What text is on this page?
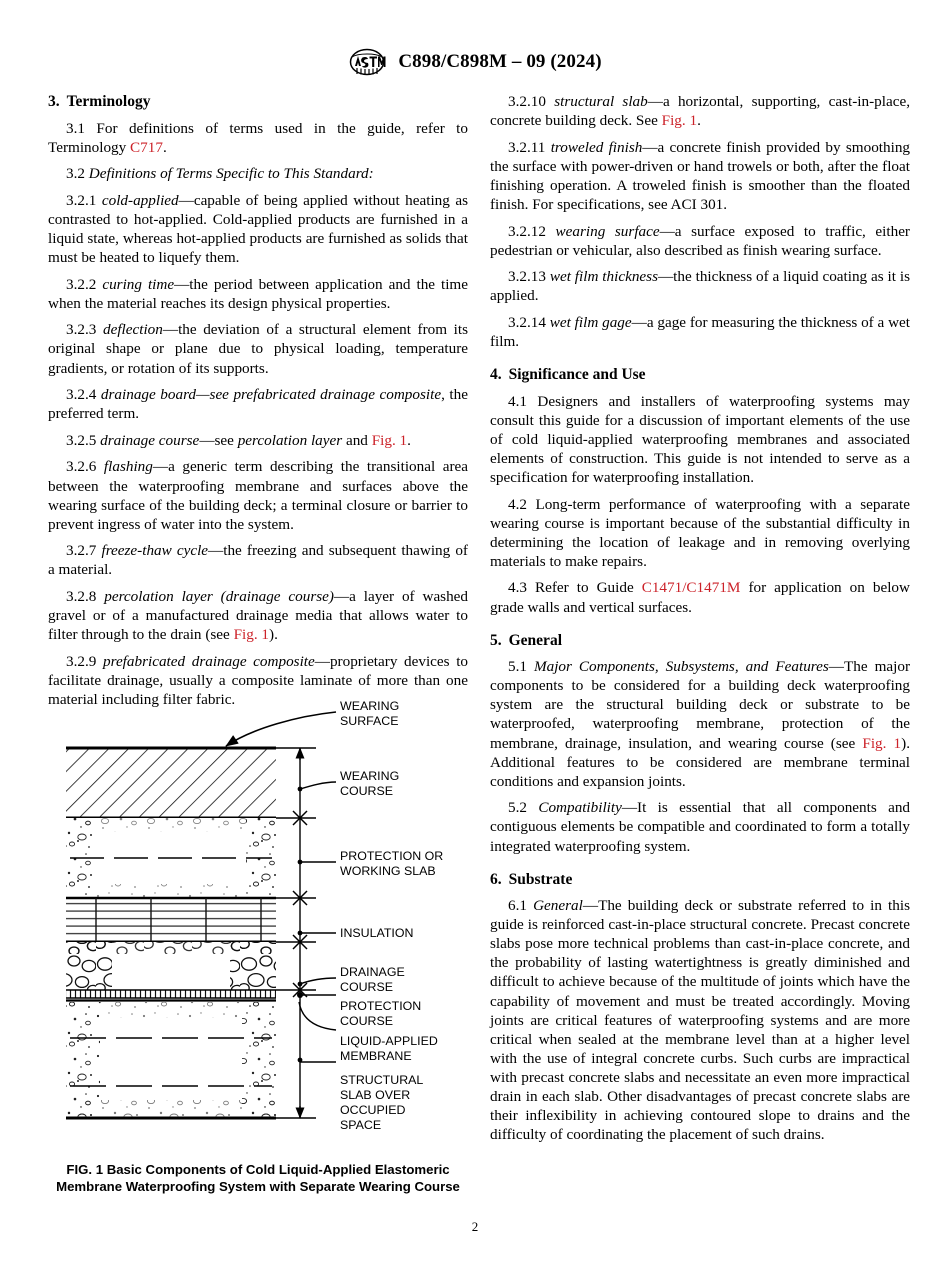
C898/C898M – 09 (2024)
3. Terminology

3.1 For definitions of terms used in the guide, refer to Terminology C717.

3.2 Definitions of Terms Specific to This Standard:

3.2.1 cold-applied—capable of being applied without heating as contrasted to hot-applied. Cold-applied products are furnished in a liquid state, whereas hot-applied products are furnished as solids that must be heated to liquefy them.

3.2.2 curing time—the period between application and the time when the material reaches its design physical properties.

3.2.3 deflection—the deviation of a structural element from its original shape or plane due to physical loading, temperature gradients, or rotation of its supports.

3.2.4 drainage board—see prefabricated drainage composite, the preferred term.

3.2.5 drainage course—see percolation layer and Fig. 1.

3.2.6 flashing—a generic term describing the transitional area between the waterproofing membrane and surfaces above the wearing surface of the building deck; a terminal closure or barrier to prevent ingress of water into the system.

3.2.7 freeze-thaw cycle—the freezing and subsequent thawing of a material.

3.2.8 percolation layer (drainage course)—a layer of washed gravel or of a manufactured drainage media that allows water to filter through to the drain (see Fig. 1).

3.2.9 prefabricated drainage composite—proprietary devices to facilitate drainage, usually a composite laminate of more than one material including filter fabric.

3.2.10 structural slab—a horizontal, supporting, cast-in-place, concrete building deck. See Fig. 1.

3.2.11 troweled finish—a concrete finish provided by smoothing the surface with power-driven or hand trowels or both, after the float finishing operation. A troweled finish is smoother than the floated finish. For specifications, see ACI 301.

3.2.12 wearing surface—a surface exposed to traffic, either pedestrian or vehicular, also described as finish wearing surface.

3.2.13 wet film thickness—the thickness of a liquid coating as it is applied.

3.2.14 wet film gage—a gage for measuring the thickness of a wet film.

4. Significance and Use

4.1 Designers and installers of waterproofing systems may consult this guide for a discussion of important elements of the use of cold liquid-applied waterproofing membranes and associated elements of construction. This guide is not intended to serve as a specification for waterproofing installation.

4.2 Long-term performance of waterproofing with a separate wearing course is important because of the substantial difficulty in determining the location of leakage and in removing overlying materials to make repairs.

4.3 Refer to Guide C1471/C1471M for application on below grade walls and vertical surfaces.

5. General

5.1 Major Components, Subsystems, and Features—The major components to be considered for a building deck waterproofing system are the structural building deck or substrate to be waterproofed, waterproofing membrane, protection of the membrane, drainage, insulation, and wearing course (see Fig. 1). Additional features to be considered are membrane terminal conditions and expansion joints.

5.2 Compatibility—It is essential that all components and contiguous elements be compatible and coordinated to form a totally integrated waterproofing system.

6. Substrate

6.1 General—The building deck or substrate referred to in this guide is reinforced cast-in-place structural concrete. Precast concrete slabs pose more technical problems than cast-in-place concrete, and the probability of lasting watertightness is greatly diminished and difficult to achieve because of the multitude of joints which have the capability of movement and must be treated accordingly. Moving joints are critical features of waterproofing systems and are more critical when sealed at the membrane level than at a higher level with the use of integral concrete curbs. Such curbs are impractical with precast concrete slabs and necessitate an even more impractical drain in each slab. Other disadvantages of precast concrete slabs are their inflexibility in achieving contoured slope to drains and the difficulty of coordinating the placement of such drains.

WEARING
SURFACE
WEARING
COURSE
PROTECTION OR
WORKING SLAB
INSULATION
DRAINAGE
COURSE
PROTECTION
COURSE
LIQUID-APPLIED
MEMBRANE
STRUCTURAL
SLAB OVER
OCCUPIED
SPACE
FIG. 1 Basic Components of Cold Liquid-Applied Elastomeric
Membrane Waterproofing System with Separate Wearing Course
2
